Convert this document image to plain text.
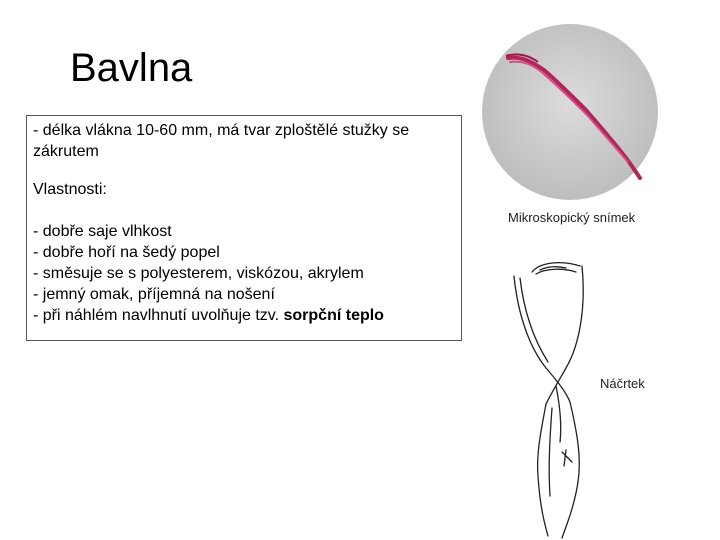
Bavlna

- délka vlákna 10-60 mm, má tvar zploštělé stužky se

zákrutem

Vlastnosti:

- dobře saje vlhkost

- dobře hoří na šedý popel

- směsuje se s polyesterem, viskózou, akrylem

- jemný omak, příjemná na nošení

- při náhlém navlhnutí uvolňuje tzv. sorpční teplo

Mikroskopický snímek
Náčrtek
